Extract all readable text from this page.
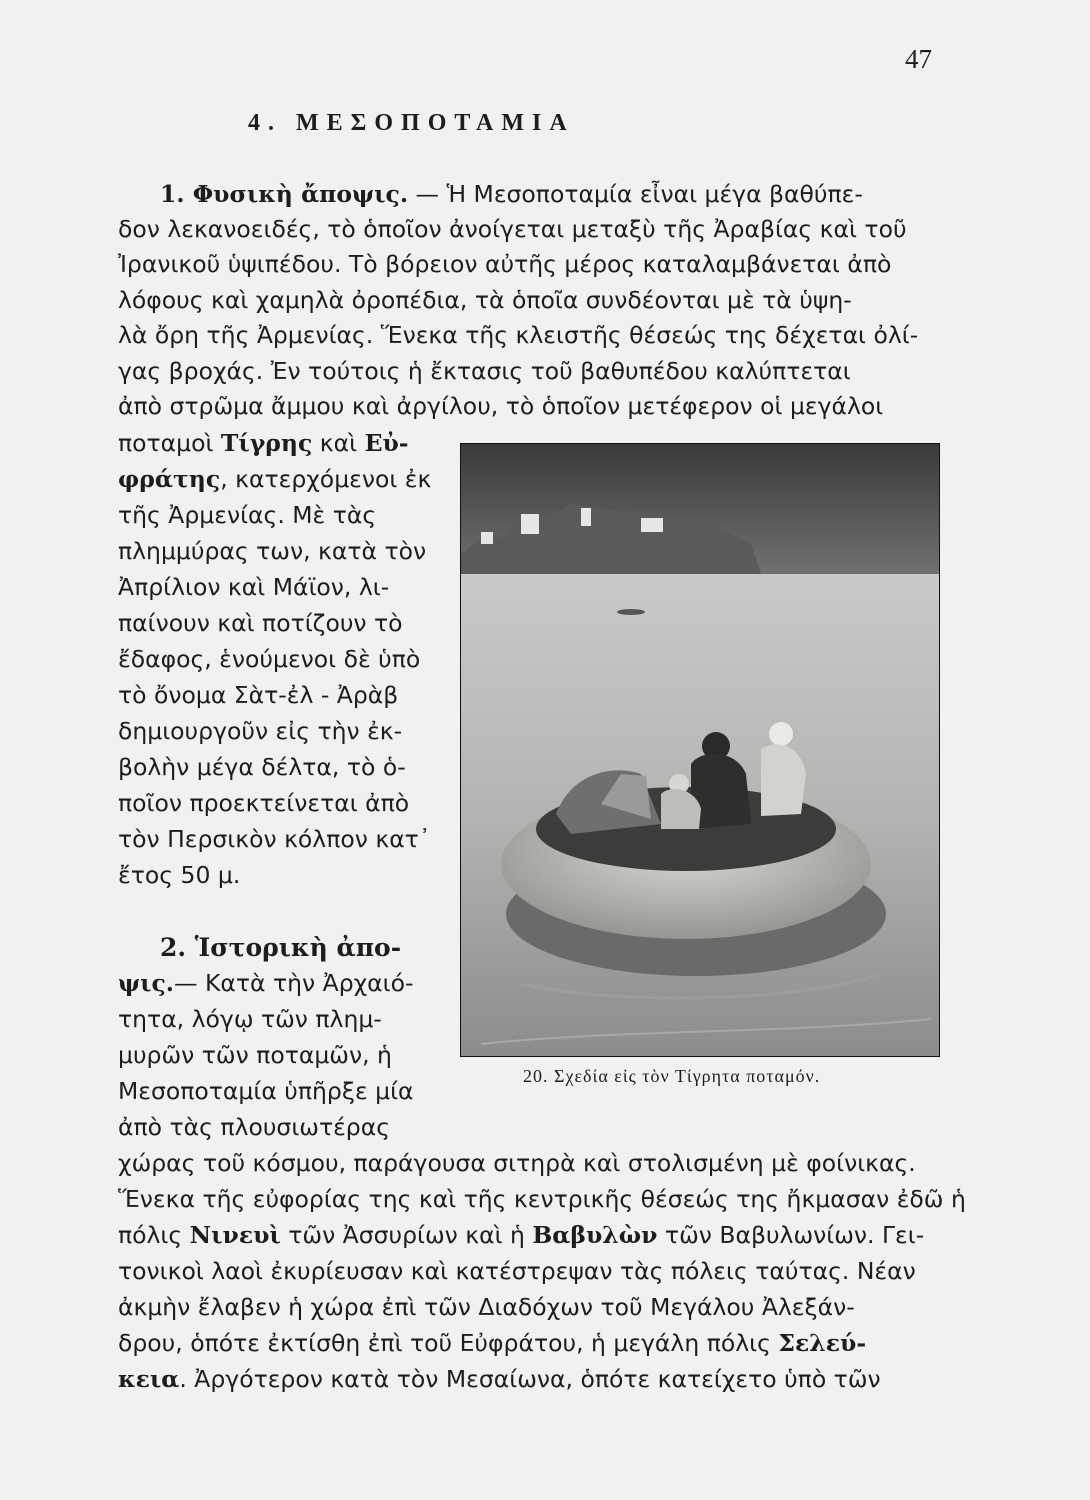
47
4. ΜΕΣΟΠΟΤΑΜΙΑ
1. Φυσικὴ ἄποψις. — Ἡ Μεσοποταμία εἶναι μέγα βαθύπε-
δον λεκανοειδές, τὸ ὁποῖον ἀνοίγεται μεταξὺ τῆς Ἀραβίας καὶ τοῦ
Ἰρανικοῦ ὑψιπέδου. Τὸ βόρειον αὐτῆς μέρος καταλαμβάνεται ἀπὸ
λόφους καὶ χαμηλὰ ὀροπέδια, τὰ ὁποῖα συνδέονται μὲ τὰ ὑψη-
λὰ ὄρη τῆς Ἀρμενίας. Ἕνεκα τῆς κλειστῆς θέσεώς της δέχεται ὀλί-
γας βροχάς. Ἐν τούτοις ἡ ἔκτασις τοῦ βαθυπέδου καλύπτεται
ἀπὸ στρῶμα ἄμμου καὶ ἀργίλου, τὸ ὁποῖον μετέφερον οἱ μεγάλοι
ποταμοὶ Τίγρης καὶ Εὐ-
φράτης, κατερχόμενοι ἐκ
τῆς Ἀρμενίας. Μὲ τὰς
πλημμύρας των, κατὰ τὸν
Ἀπρίλιον καὶ Μάϊον, λι-
παίνουν καὶ ποτίζουν τὸ
ἔδαφος, ἑνούμενοι δὲ ὑπὸ
τὸ ὄνομα Σὰτ-ἐλ - Ἀρὰβ
δημιουργοῦν εἰς τὴν ἐκ-
βολὴν μέγα δέλτα, τὸ ὁ-
ποῖον προεκτείνεται ἀπὸ
τὸν Περσικὸν κόλπον κατ᾽
ἔτος 50 μ.
2. Ἱστορικὴ ἀπο-
ψις.— Κατὰ τὴν Ἀρχαιό-
τητα, λόγῳ τῶν πλημ-
μυρῶν τῶν ποταμῶν, ἡ
Μεσοποταμία ὑπῆρξε μία
ἀπὸ τὰς πλουσιωτέρας
χώρας τοῦ κόσμου, παράγουσα σιτηρὰ καὶ στολισμένη μὲ φοίνικας.
Ἕνεκα τῆς εὐφορίας της καὶ τῆς κεντρικῆς θέσεώς της ἤκμασαν ἐδῶ ἡ
πόλις Νινευὶ τῶν Ἀσσυρίων καὶ ἡ Βαβυλὼν τῶν Βαβυλωνίων. Γει-
τονικοὶ λαοὶ ἐκυρίευσαν καὶ κατέστρεψαν τὰς πόλεις ταύτας. Νέαν
ἀκμὴν ἔλαβεν ἡ χώρα ἐπὶ τῶν Διαδόχων τοῦ Μεγάλου Ἀλεξάν-
δρου, ὁπότε ἐκτίσθη ἐπὶ τοῦ Εὐφράτου, ἡ μεγάλη πόλις Σελεύ-
κεια. Ἀργότερον κατὰ τὸν Μεσαίωνα, ὁπότε κατείχετο ὑπὸ τῶν
20. Σχεδία εἰς τὸν Τίγρητα ποταμόν.
